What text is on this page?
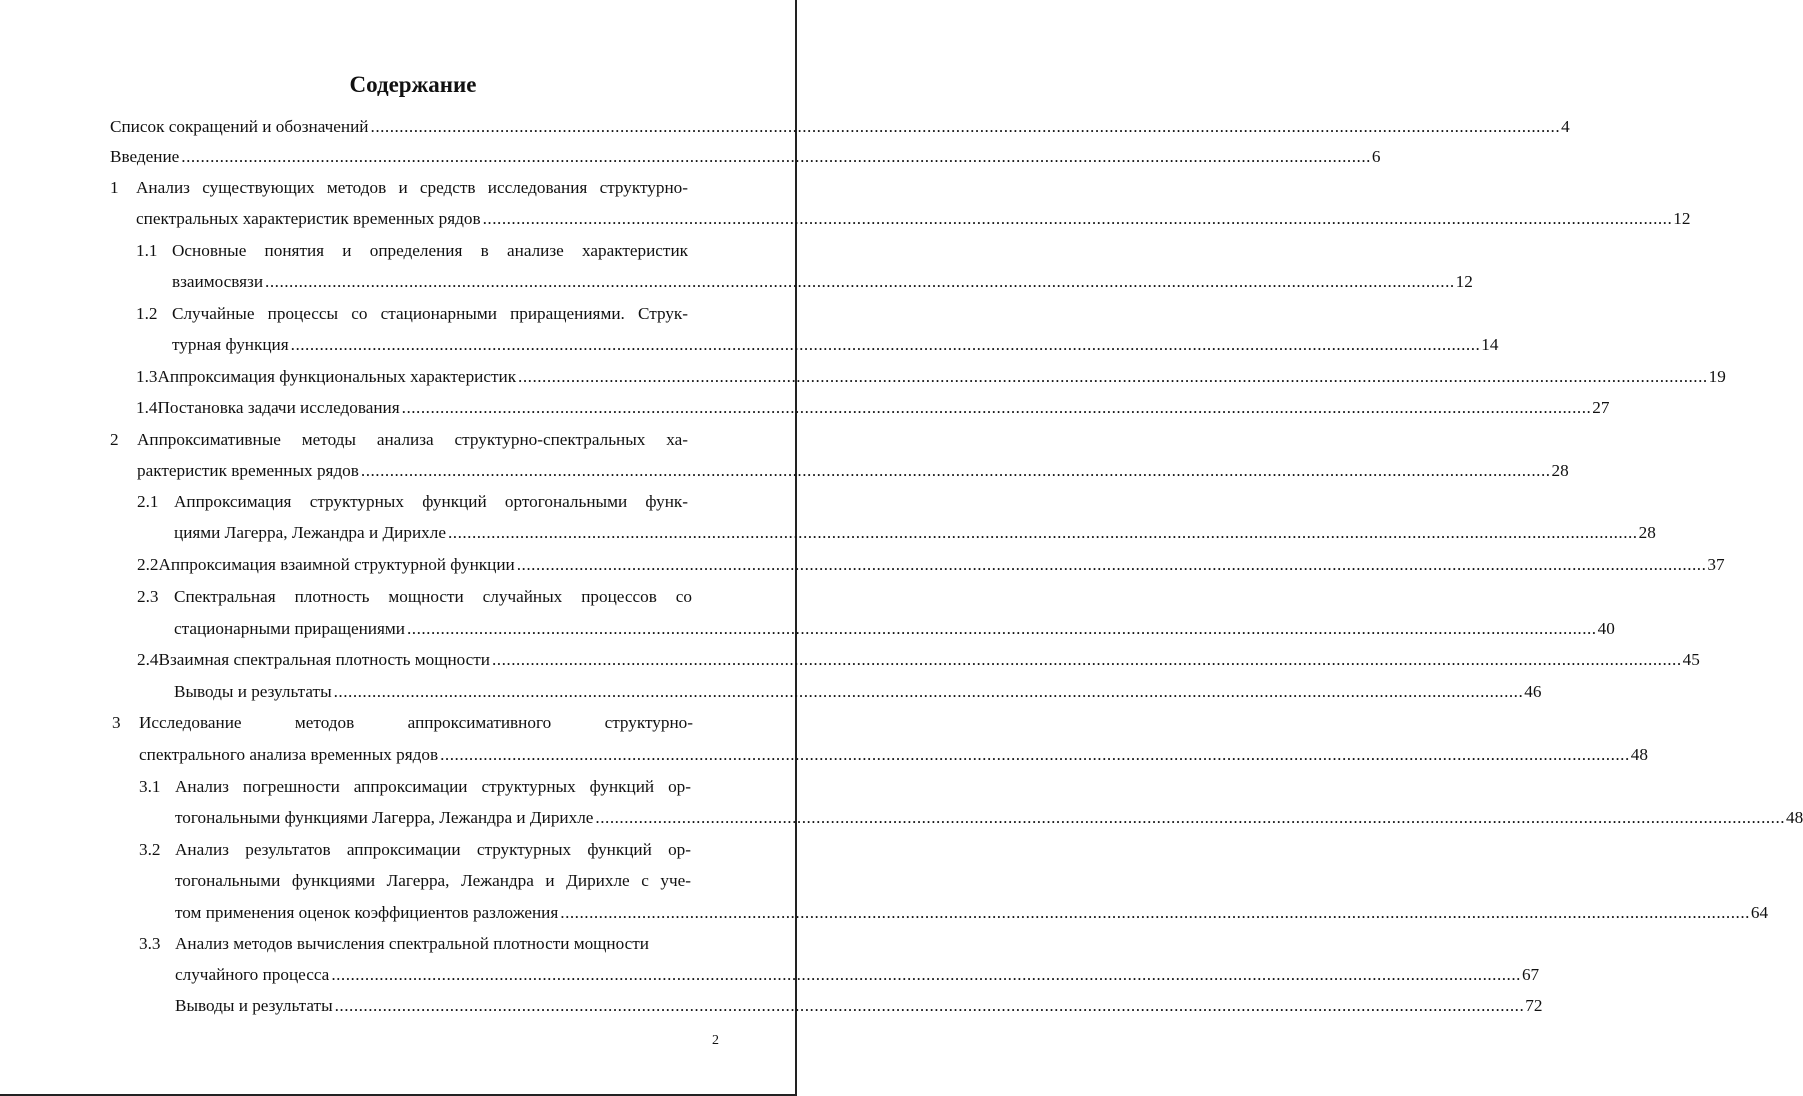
Содержание
Список сокращений и обозначений ........................................................................................................................................................................................................................................................ 4
Введение ........................................................................................................................................................................................................................................................ 6
1	Анализ существующих методов и средств исследования структурно-
спектральных характеристик временных рядов ........................................................................................................................................................................................................................................................ 12
1.1 Основные понятия и определения в анализе характеристик
взаимосвязи ........................................................................................................................................................................................................................................................ 12
1.2 Случайные процессы со стационарными приращениями. Струк-
турная функция ........................................................................................................................................................................................................................................................ 14
1.3 Аппроксимация функциональных характеристик ........................................................................................................................................................................................................................................................ 19
1.4 Постановка задачи исследования ........................................................................................................................................................................................................................................................ 27
2	Аппроксимативные методы анализа структурно-спектральных ха-
рактеристик временных рядов ........................................................................................................................................................................................................................................................ 28
2.1 Аппроксимация структурных функций ортогональными функ-
циями Лагерра, Лежандра и Дирихле ........................................................................................................................................................................................................................................................ 28
2.2 Аппроксимация взаимной структурной функции ........................................................................................................................................................................................................................................................ 37
2.3 Спектральная плотность мощности случайных процессов со
стационарными приращениями ........................................................................................................................................................................................................................................................ 40
2.4 Взаимная спектральная плотность мощности ........................................................................................................................................................................................................................................................ 45
Выводы и результаты ........................................................................................................................................................................................................................................................ 46
3	Исследование методов аппроксимативного структурно-
спектрального анализа временных рядов ........................................................................................................................................................................................................................................................ 48
3.1 Анализ погрешности аппроксимации структурных функций ор-
тогональными функциями Лагерра, Лежандра и Дирихле ........................................................................................................................................................................................................................................................ 48
3.2 Анализ результатов аппроксимации структурных функций ор-
тогональными функциями Лагерра, Лежандра и Дирихле с уче-
том применения оценок коэффициентов разложения ........................................................................................................................................................................................................................................................ 64
3.3 Анализ методов вычисления спектральной плотности мощности
случайного процесса ........................................................................................................................................................................................................................................................ 67
Выводы и результаты ........................................................................................................................................................................................................................................................ 72
2
